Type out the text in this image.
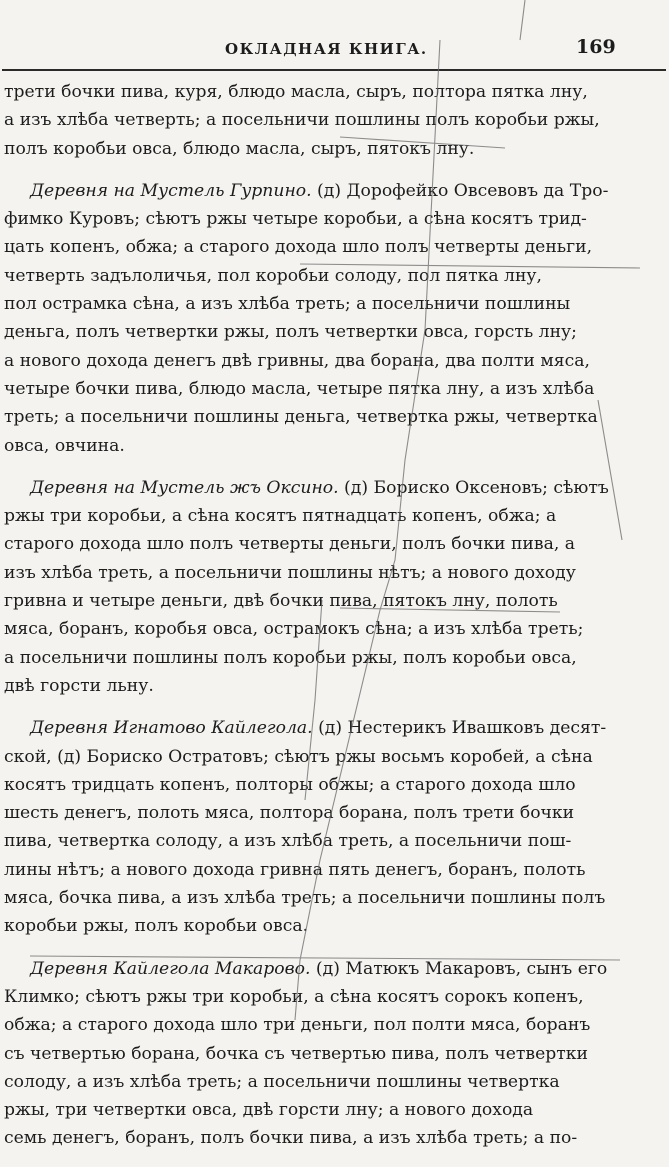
ОКЛАДНАЯ КНИГА.	169
трети бочки пива, куря, блюдо масла, сыръ, полтора пятка лну,
а изъ хлѣба четверть; а посельничи пошлины полъ коробьи ржы,
полъ коробьи овса, блюдо масла, сыръ, пятокъ лну.
Деревня на Мустель Гурпино. (д) Дорофейко Овсевовъ да Тро-
фимко Куровъ; сѣютъ ржы четыре коробьи, а сѣна косятъ трид-
цать копенъ, обжа; а старого дохода шло полъ четверты деньги,
четверть задълоличья, пол коробьи солоду, пол пятка лну,
пол острамка сѣна, а изъ хлѣба треть; а посельничи пошлины
деньга, полъ четвертки ржы, полъ четвертки овса, горсть лну;
а нового дохода денегъ двѣ гривны, два борана, два полти мяса,
четыре бочки пива, блюдо масла, четыре пятка лну, а изъ хлѣба
треть; а посельничи пошлины деньга, четвертка ржы, четвертка
овса, овчина.
Деревня на Мустель жъ Оксино. (д) Бориско Оксеновъ; сѣютъ
ржы три коробьи, а сѣна косятъ пятнадцать копенъ, обжа; а
старого дохода шло полъ четверты деньги, полъ бочки пива, а
изъ хлѣба треть, а посельничи пошлины нѣтъ; а нового доходу
гривна и четыре деньги, двѣ бочки пива, пятокъ лну, полоть
мяса, боранъ, коробья овса, острамокъ сѣна; а изъ хлѣба треть;
а посельничи пошлины полъ коробьи ржы, полъ коробьи овса,
двѣ горсти льну.
Деревня Игнатово Кайлегола. (д) Нестерикъ Ивашковъ десят-
ской, (д) Бориско Остратовъ; сѣютъ ржы восьмъ коробей, а сѣна
косятъ тридцать копенъ, полторы обжы; а старого дохода шло
шесть денегъ, полоть мяса, полтора борана, полъ трети бочки
пива, четвертка солоду, а изъ хлѣба треть, а посельничи пош-
лины нѣтъ; а нового дохода гривна пять денегъ, боранъ, полоть
мяса, бочка пива, а изъ хлѣба треть; а посельничи пошлины полъ
коробьи ржы, полъ коробьи овса.
Деревня Кайлегола Макарово. (д) Матюкъ Макаровъ, сынъ его
Климко; сѣютъ ржы три коробьи, а сѣна косятъ сорокъ копенъ,
обжа; а старого дохода шло три деньги, пол полти мяса, боранъ
съ четвертью борана, бочка съ четвертью пива, полъ четвертки
солоду, а изъ хлѣба треть; а посельничи пошлины четвертка
ржы, три четвертки овса, двѣ горсти лну; а нового дохода
семь денегъ, боранъ, полъ бочки пива, а изъ хлѣба треть; а по-
